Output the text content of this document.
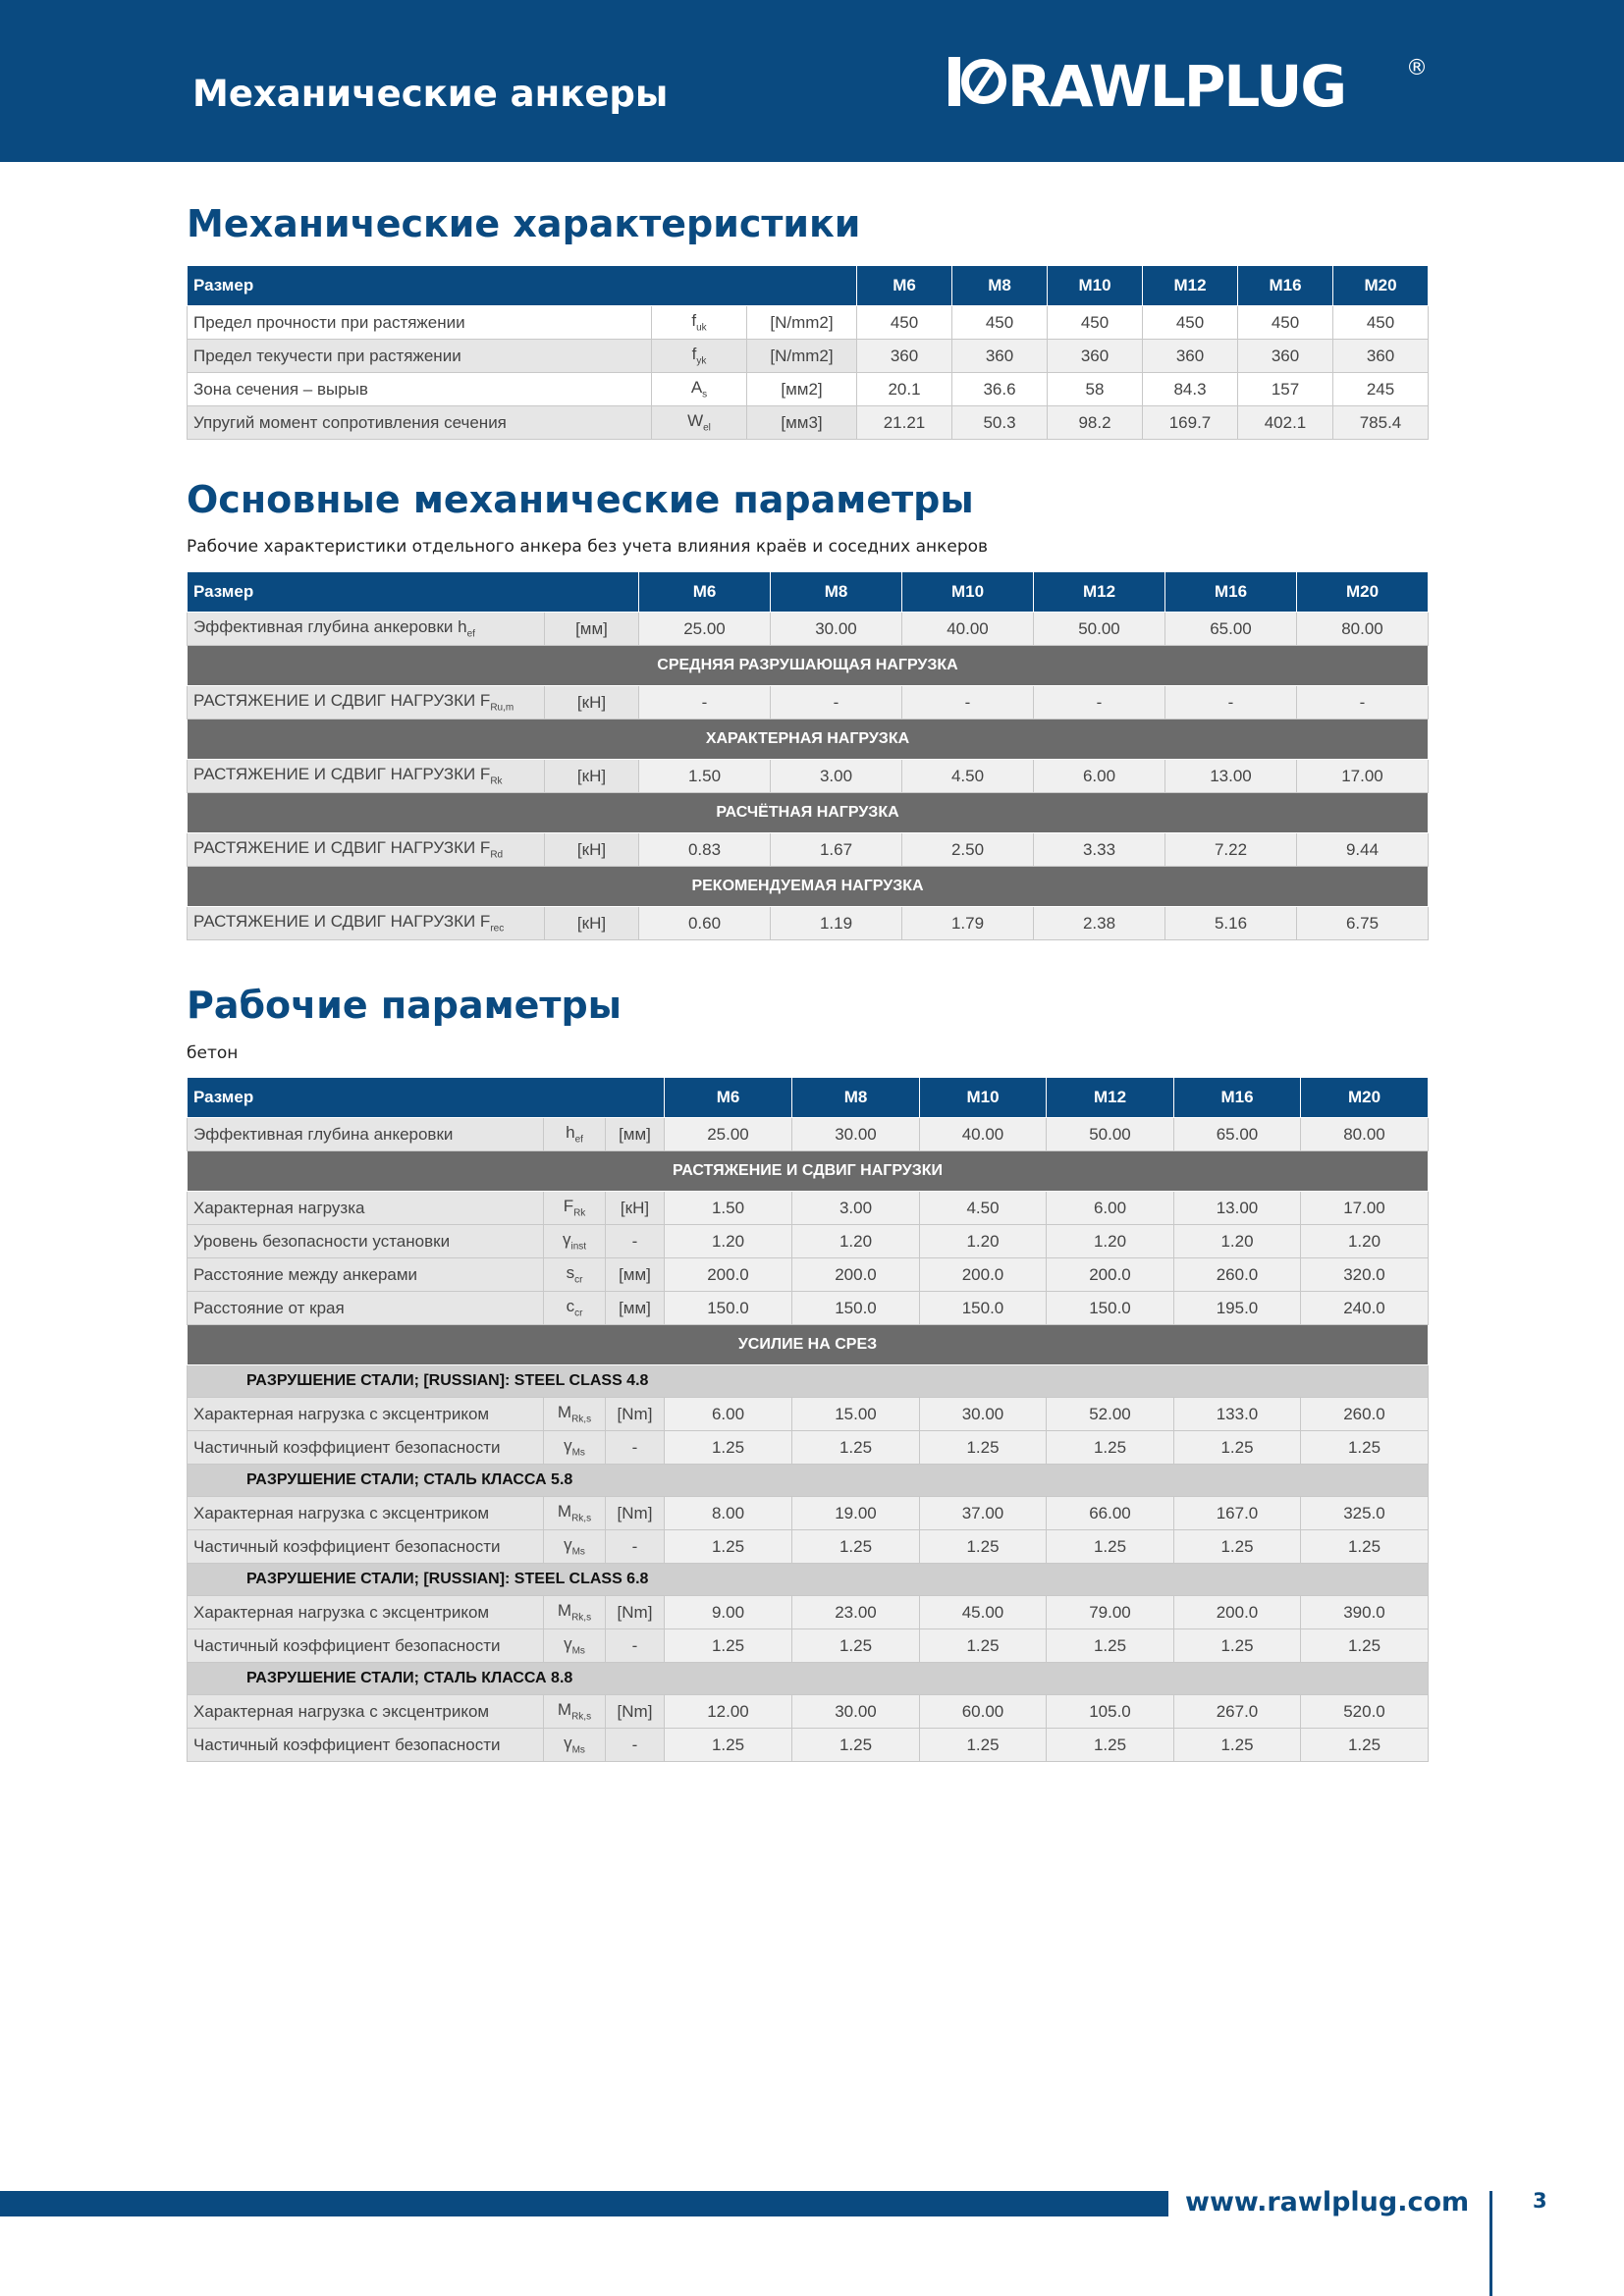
Механические анкеры	RAWLPLUG	®
Механические характеристики
Размер			M6	M8	M10	M12	M16	M20
Предел прочности при растяжении	$f_{uk}$	[N/mm2]	450	450	450	450	450	450
Предел текучести при растяжении	$f_{yk}$	[N/mm2]	360	360	360	360	360	360
Зона сечения – вырыв	$A_s$	[мм2]	20.1	36.6	58	84.3	157	245
Упругий момент сопротивления сечения	$W_{el}$	[мм3]	21.21	50.3	98.2	169.7	402.1	785.4
Основные механические параметры
Рабочие характеристики отдельного анкера без учета влияния краёв и соседних анкеров
Размер		M6	M8	M10	M12	M16	M20
Эффективная глубина анкеровки $h_{ef}$	[мм]	25.00	30.00	40.00	50.00	65.00	80.00
СРЕДНЯЯ РАЗРУШАЮЩАЯ НАГРУЗКА							
РАСТЯЖЕНИЕ И СДВИГ НАГРУЗКИ $F_{Ru,m}$	[кН]	-	-	-	-	-	-
ХАРАКТЕРНАЯ НАГРУЗКА							
РАСТЯЖЕНИЕ И СДВИГ НАГРУЗКИ $F_{Rk}$	[кН]	1.50	3.00	4.50	6.00	13.00	17.00
РАСЧЁТНАЯ НАГРУЗКА							
РАСТЯЖЕНИЕ И СДВИГ НАГРУЗКИ $F_{Rd}$	[кН]	0.83	1.67	2.50	3.33	7.22	9.44
РЕКОМЕНДУЕМАЯ НАГРУЗКА							
РАСТЯЖЕНИЕ И СДВИГ НАГРУЗКИ $F_{rec}$	[кН]	0.60	1.19	1.79	2.38	5.16	6.75
Рабочие параметры
бетон
Размер			M6	M8	M10	M12	M16	M20
Эффективная глубина анкеровки	$h_{ef}$	[мм]	25.00	30.00	40.00	50.00	65.00	80.00
РАСТЯЖЕНИЕ И СДВИГ НАГРУЗКИ								
Характерная нагрузка	$F_{Rk}$	[кН]	1.50	3.00	4.50	6.00	13.00	17.00
Уровень безопасности установки	$\gamma_{inst}$	-	1.20	1.20	1.20	1.20	1.20	1.20
Расстояние между анкерами	$s_{cr}$	[мм]	200.0	200.0	200.0	200.0	260.0	320.0
Расстояние от края	$c_{cr}$	[мм]	150.0	150.0	150.0	150.0	195.0	240.0
УСИЛИЕ НА СРЕЗ								
РАЗРУШЕНИЕ СТАЛИ; [RUSSIAN]: STEEL CLASS 4.8								
Характерная нагрузка с эксцентриком	$M_{Rk,s}$	[Nm]	6.00	15.00	30.00	52.00	133.0	260.0
Частичный коэффициент безопасности	$\gamma_{Ms}$	-	1.25	1.25	1.25	1.25	1.25	1.25
РАЗРУШЕНИЕ СТАЛИ; СТАЛЬ КЛАССА 5.8								
Характерная нагрузка с эксцентриком	$M_{Rk,s}$	[Nm]	8.00	19.00	37.00	66.00	167.0	325.0
Частичный коэффициент безопасности	$\gamma_{Ms}$	-	1.25	1.25	1.25	1.25	1.25	1.25
РАЗРУШЕНИЕ СТАЛИ; [RUSSIAN]: STEEL CLASS 6.8								
Характерная нагрузка с эксцентриком	$M_{Rk,s}$	[Nm]	9.00	23.00	45.00	79.00	200.0	390.0
Частичный коэффициент безопасности	$\gamma_{Ms}$	-	1.25	1.25	1.25	1.25	1.25	1.25
РАЗРУШЕНИЕ СТАЛИ; СТАЛЬ КЛАССА 8.8								
Характерная нагрузка с эксцентриком	$M_{Rk,s}$	[Nm]	12.00	30.00	60.00	105.0	267.0	520.0
Частичный коэффициент безопасности	$\gamma_{Ms}$	-	1.25	1.25	1.25	1.25	1.25	1.25
www.rawlplug.com	3
